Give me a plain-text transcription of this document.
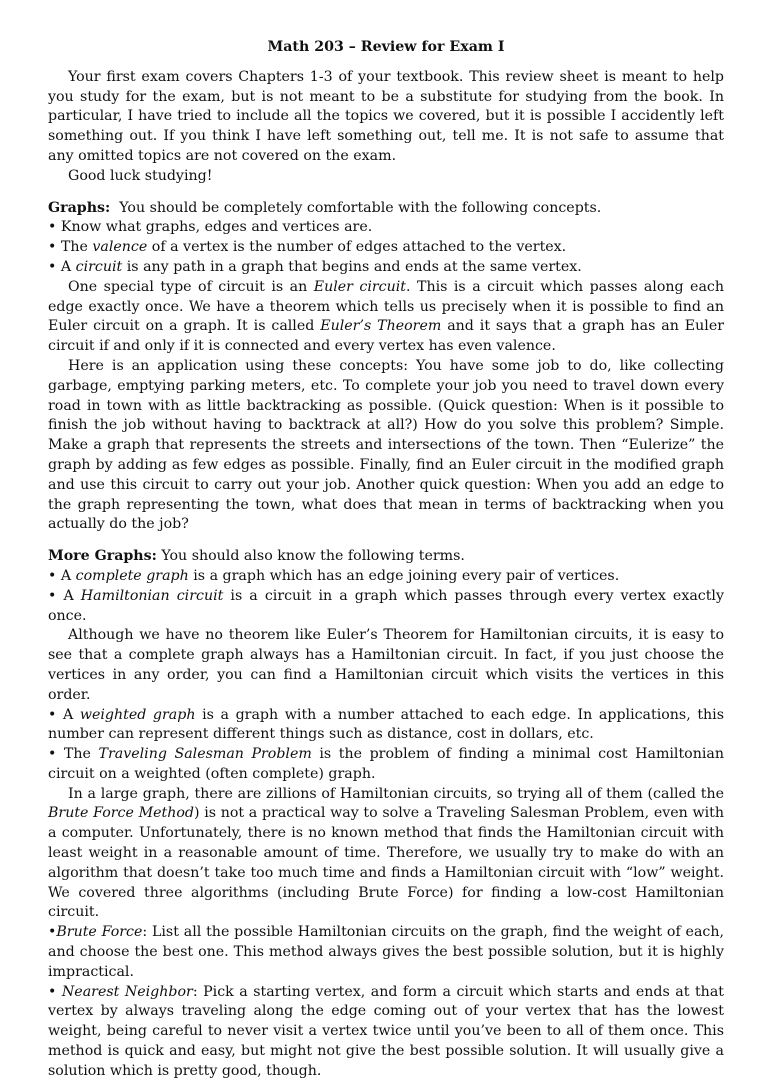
Math 203 – Review for Exam I

Your first exam covers Chapters 1-3 of your textbook. This review sheet is meant to help you study for the exam, but is not meant to be a substitute for studying from the book. In particular, I have tried to include all the topics we covered, but it is possible I accidently left something out. If you think I have left something out, tell me. It is not safe to assume that any omitted topics are not covered on the exam.

Good luck studying!

Graphs: You should be completely comfortable with the following concepts.

• Know what graphs, edges and vertices are.

• The valence of a vertex is the number of edges attached to the vertex.

• A circuit is any path in a graph that begins and ends at the same vertex.

One special type of circuit is an Euler circuit. This is a circuit which passes along each edge exactly once. We have a theorem which tells us precisely when it is possible to find an Euler circuit on a graph. It is called Euler’s Theorem and it says that a graph has an Euler circuit if and only if it is connected and every vertex has even valence.

Here is an application using these concepts: You have some job to do, like collecting garbage, emptying parking meters, etc. To complete your job you need to travel down every road in town with as little backtracking as possible. (Quick question: When is it possible to finish the job without having to backtrack at all?) How do you solve this problem? Simple. Make a graph that represents the streets and intersections of the town. Then “Eulerize” the graph by adding as few edges as possible. Finally, find an Euler circuit in the modified graph and use this circuit to carry out your job. Another quick question: When you add an edge to the graph representing the town, what does that mean in terms of backtracking when you actually do the job?

More Graphs: You should also know the following terms.

• A complete graph is a graph which has an edge joining every pair of vertices.

• A Hamiltonian circuit is a circuit in a graph which passes through every vertex exactly once.

Although we have no theorem like Euler’s Theorem for Hamiltonian circuits, it is easy to see that a complete graph always has a Hamiltonian circuit. In fact, if you just choose the vertices in any order, you can find a Hamiltonian circuit which visits the vertices in this order.

• A weighted graph is a graph with a number attached to each edge. In applications, this number can represent different things such as distance, cost in dollars, etc.

• The Traveling Salesman Problem is the problem of finding a minimal cost Hamiltonian circuit on a weighted (often complete) graph.

In a large graph, there are zillions of Hamiltonian circuits, so trying all of them (called the Brute Force Method) is not a practical way to solve a Traveling Salesman Problem, even with a computer. Unfortunately, there is no known method that finds the Hamiltonian circuit with least weight in a reasonable amount of time. Therefore, we usually try to make do with an algorithm that doesn’t take too much time and finds a Hamiltonian circuit with “low” weight. We covered three algorithms (including Brute Force) for finding a low-cost Hamiltonian circuit.

•Brute Force: List all the possible Hamiltonian circuits on the graph, find the weight of each, and choose the best one. This method always gives the best possible solution, but it is highly impractical.

• Nearest Neighbor: Pick a starting vertex, and form a circuit which starts and ends at that vertex by always traveling along the edge coming out of your vertex that has the lowest weight, being careful to never visit a vertex twice until you’ve been to all of them once. This method is quick and easy, but might not give the best possible solution. It will usually give a solution which is pretty good, though.
